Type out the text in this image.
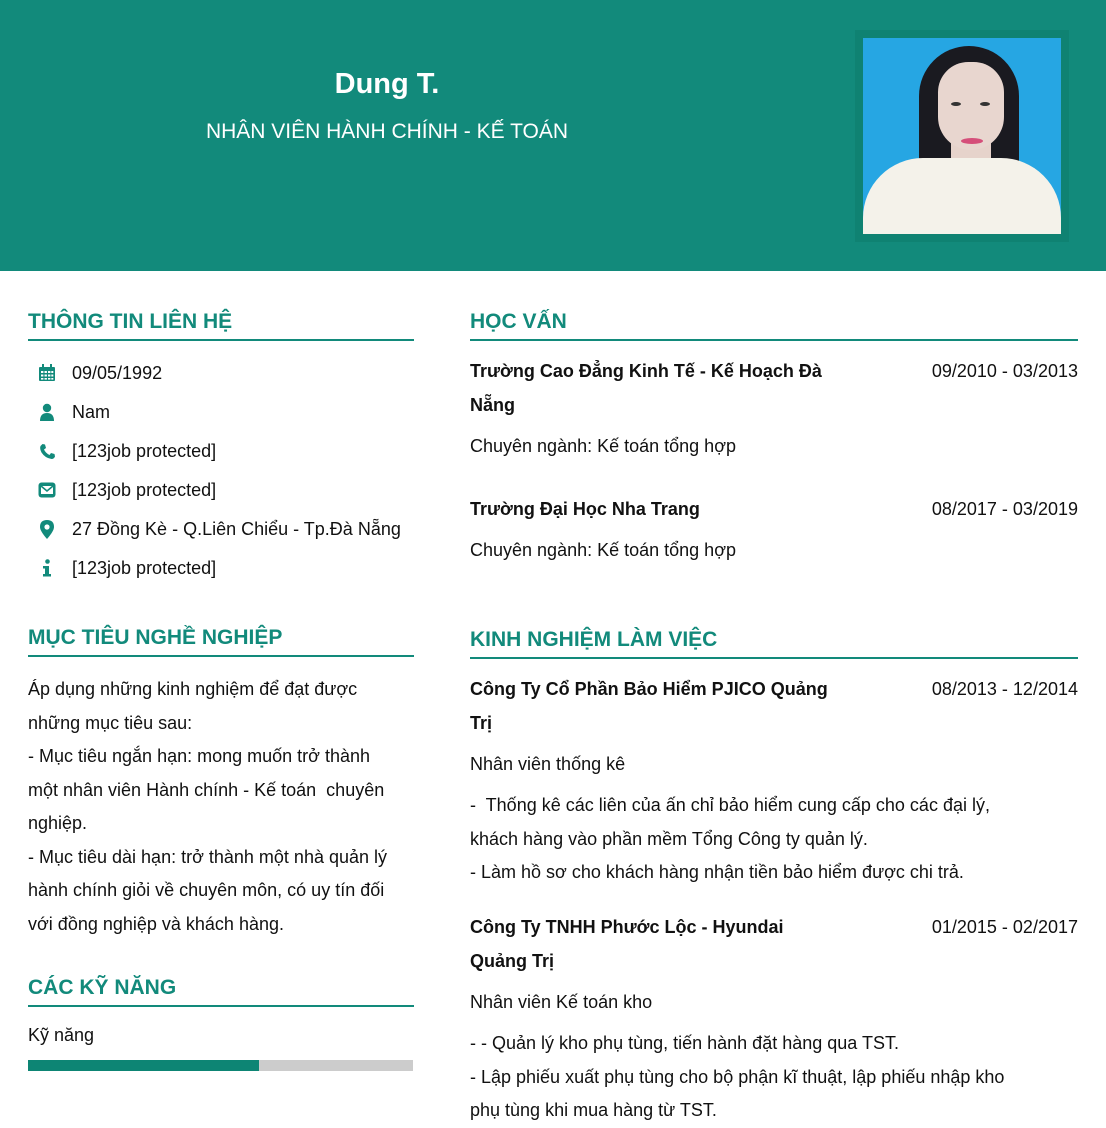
Dung T.
NHÂN VIÊN HÀNH CHÍNH - KẾ TOÁN
THÔNG TIN LIÊN HỆ
09/05/1992
Nam
[123job protected]
[123job protected]
27 Đồng Kè - Q.Liên Chiểu - Tp.Đà Nẵng
[123job protected]
MỤC TIÊU NGHỀ NGHIỆP
Áp dụng những kinh nghiệm để đạt được
những mục tiêu sau:
- Mục tiêu ngắn hạn: mong muốn trở thành
một nhân viên Hành chính - Kế toán  chuyên
nghiệp.
- Mục tiêu dài hạn: trở thành một nhà quản lý
hành chính giỏi về chuyên môn, có uy tín đối
với đồng nghiệp và khách hàng.
CÁC KỸ NĂNG
Kỹ năng
HỌC VẤN
Trường Cao Đẳng Kinh Tế - Kế Hoạch Đà
Nẵng
09/2010 - 03/2013
Chuyên ngành: Kế toán tổng hợp
Trường Đại Học Nha Trang	08/2017 - 03/2019
Chuyên ngành: Kế toán tổng hợp
KINH NGHIỆM LÀM VIỆC
Công Ty Cổ Phần Bảo Hiểm PJICO Quảng
Trị
08/2013 - 12/2014
Nhân viên thống kê
-  Thống kê các liên của ấn chỉ bảo hiểm cung cấp cho các đại lý,
khách hàng vào phần mềm Tổng Công ty quản lý.
- Làm hồ sơ cho khách hàng nhận tiền bảo hiểm được chi trả.
Công Ty TNHH Phước Lộc - Hyundai
Quảng Trị
01/2015 - 02/2017
Nhân viên Kế toán kho
- - Quản lý kho phụ tùng, tiến hành đặt hàng qua TST.
- Lập phiếu xuất phụ tùng cho bộ phận kĩ thuật, lập phiếu nhập kho
phụ tùng khi mua hàng từ TST.
